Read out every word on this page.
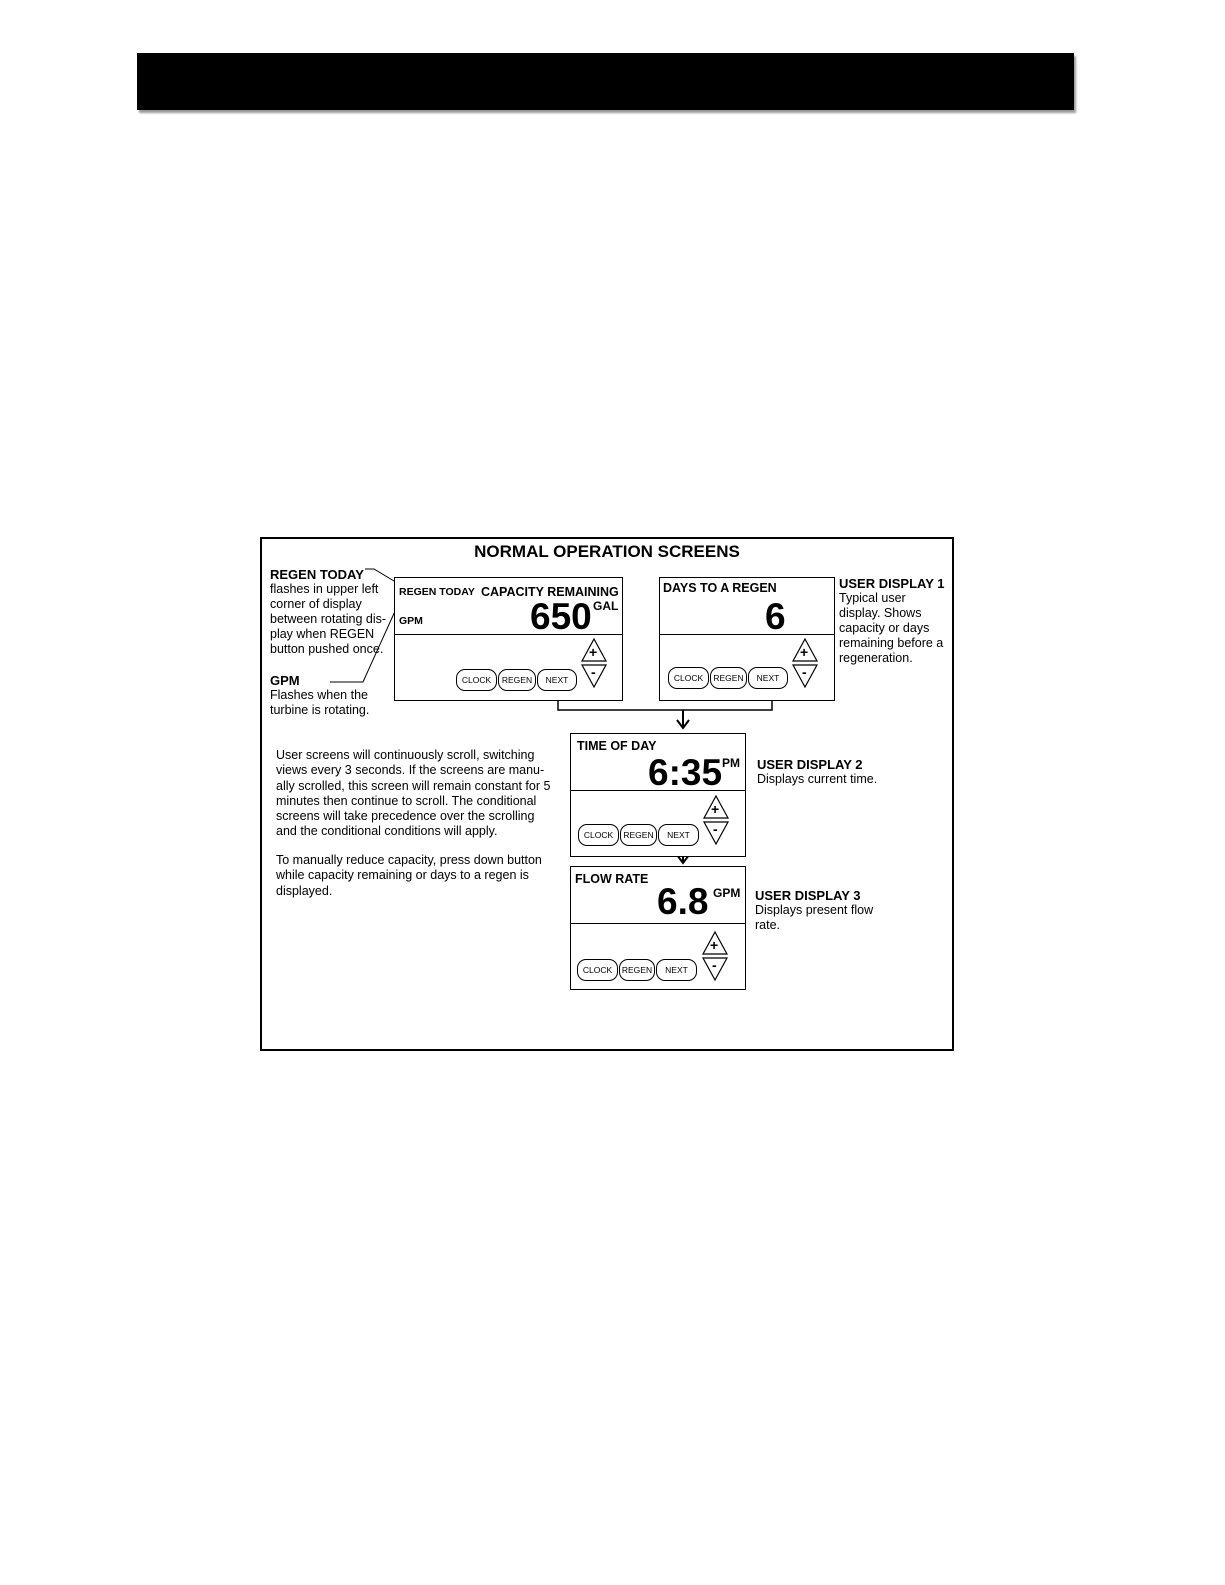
NORMAL OPERATION SCREENS
REGEN TODAY
flashes in upper left
corner of display
between rotating dis-
play when REGEN
button pushed once.
GPM
Flashes when the
turbine is rotating.
USER DISPLAY 1
Typical user
display. Shows
capacity or days
remaining before a
regeneration.
USER DISPLAY 2
Displays current time.
USER DISPLAY 3
Displays present flow
rate.
User screens will continuously scroll, switching views every 3 seconds. If the screens are manu-ally scrolled, this screen will remain constant for 5 minutes then continue to scroll. The conditional screens will take precedence over the scrolling and the conditional conditions will apply.
To manually reduce capacity, press down button while capacity remaining or days to a regen is displayed.
REGEN TODAY CAPACITY REMAINING
GPM	650 GAL
CLOCK	REGEN	NEXT
+
-
DAYS TO A REGEN
6
CLOCK	REGEN	NEXT
+
-
TIME OF DAY
6:35 PM
CLOCK	REGEN	NEXT
+
-
FLOW RATE
6.8 GPM
CLOCK	REGEN	NEXT
+
-
